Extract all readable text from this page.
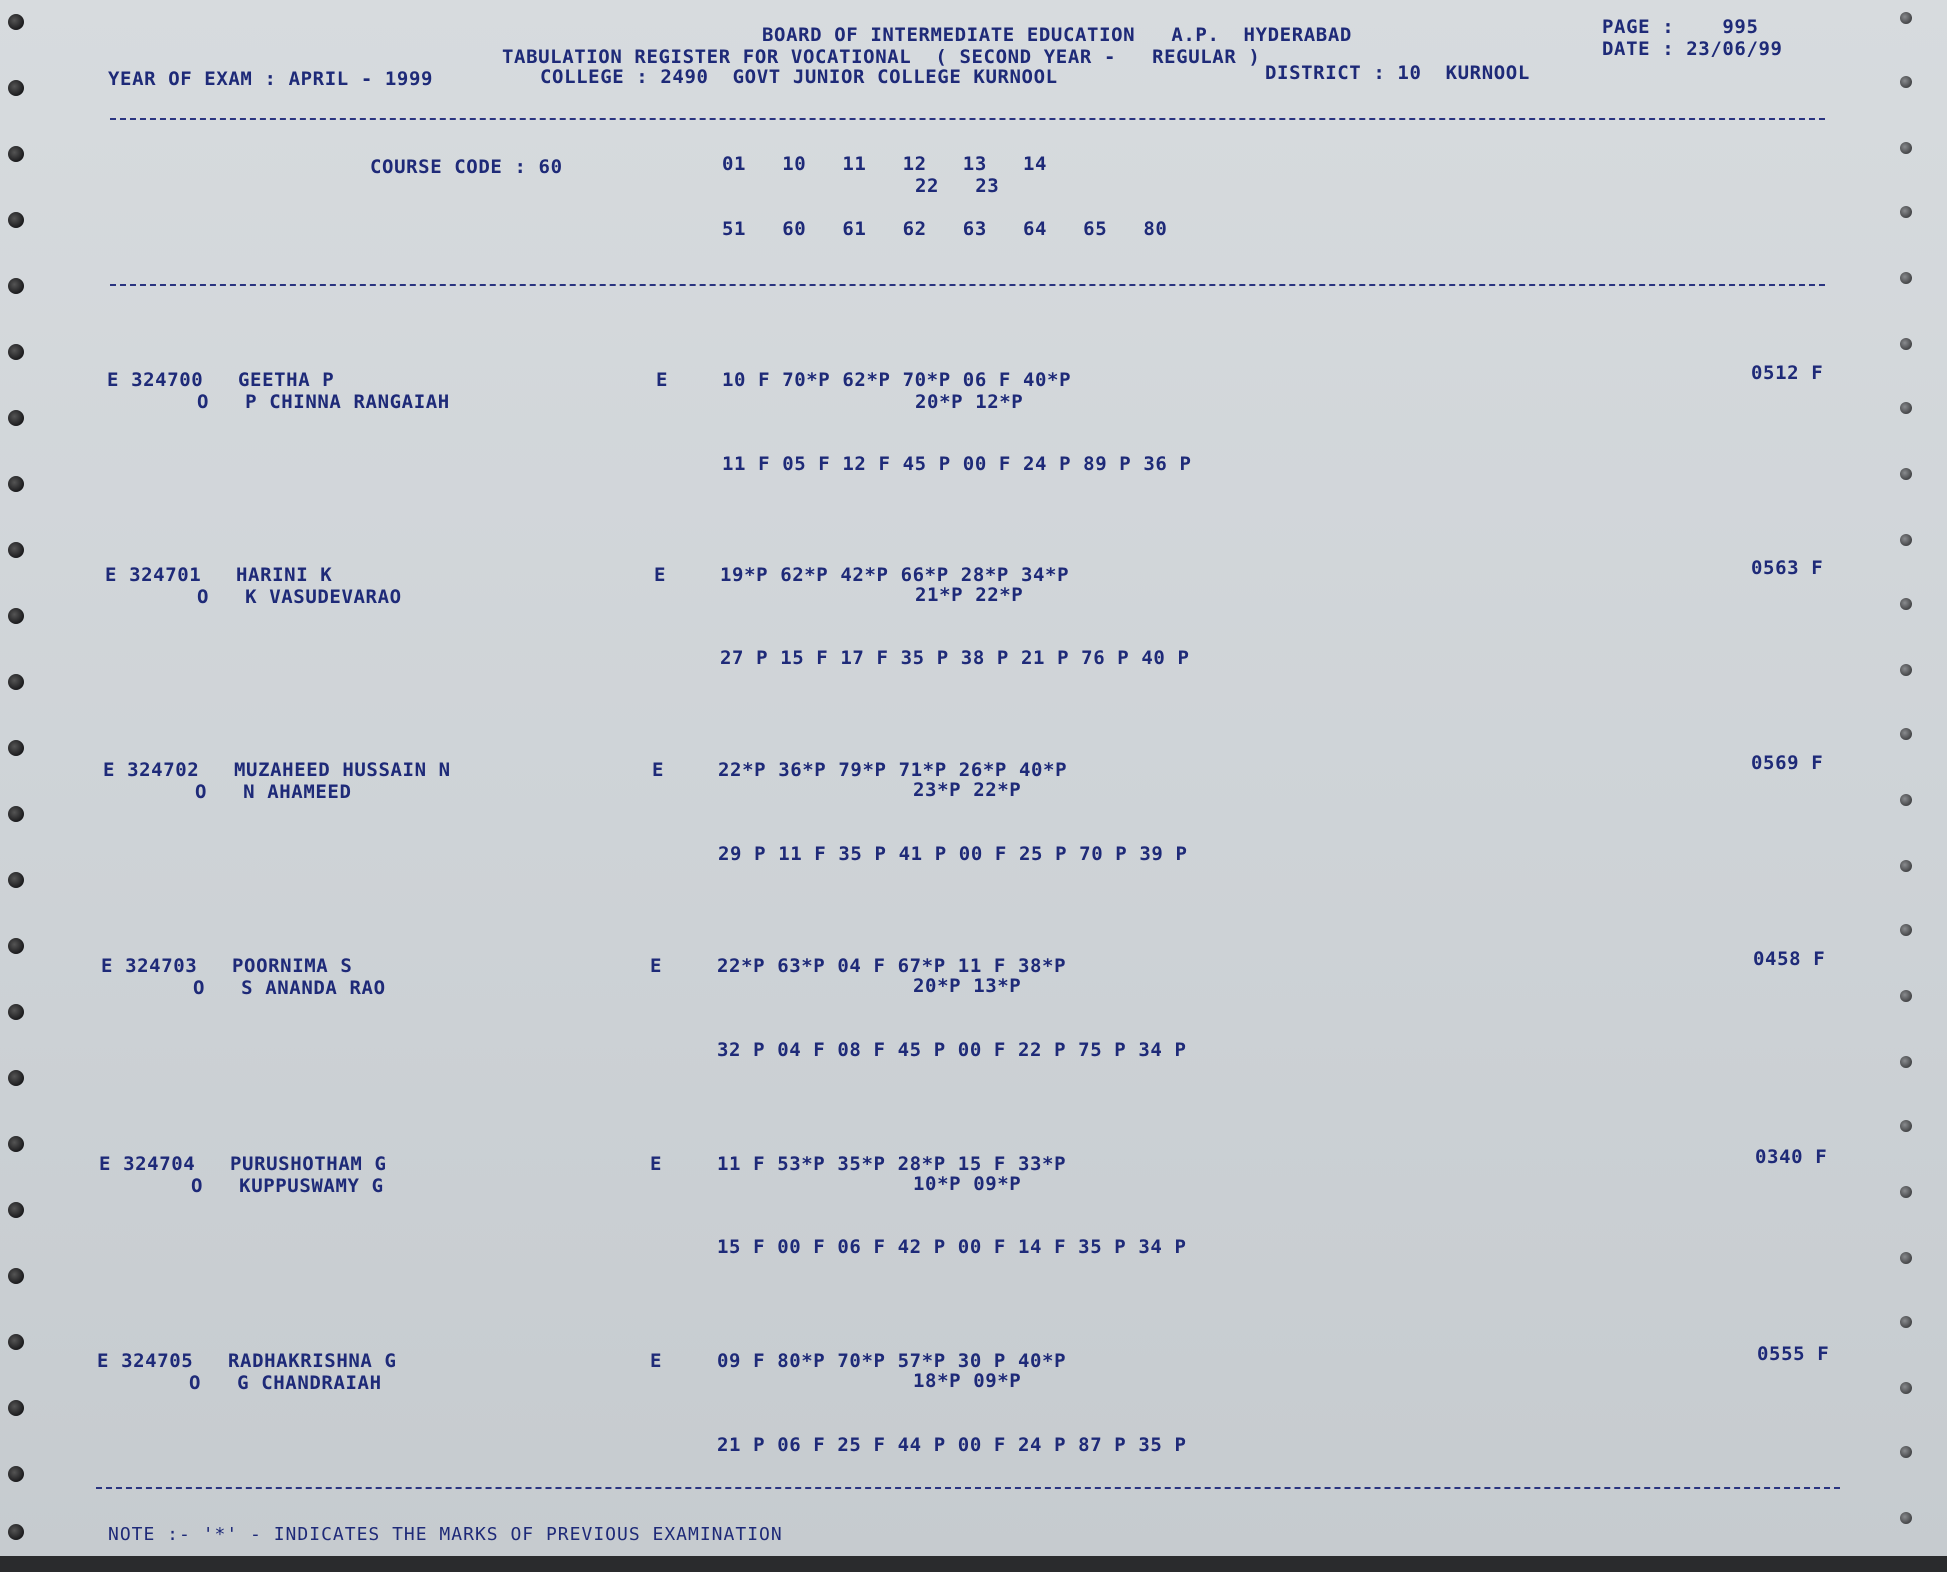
BOARD OF INTERMEDIATE EDUCATION   A.P.  HYDERABAD
TABULATION REGISTER FOR VOCATIONAL  ( SECOND YEAR -   REGULAR )
YEAR OF EXAM : APRIL - 1999	COLLEGE : 2490  GOVT JUNIOR COLLEGE KURNOOL	DISTRICT : 10  KURNOOL
PAGE :    995
DATE : 23/06/99
COURSE CODE : 60	01   10   11   12   13   14
22   23
51   60   61   62   63   64   65   80
E 324700 GEETHA P
O   P CHINNA RANGAIAH
E	10 F 70*P 62*P 70*P 06 F 40*P
20*P 12*P
11 F 05 F 12 F 45 P 00 F 24 P 89 P 36 P
0512 F
E 324701 HARINI K
O   K VASUDEVARAO
E	19*P 62*P 42*P 66*P 28*P 34*P
21*P 22*P
27 P 15 F 17 F 35 P 38 P 21 P 76 P 40 P
0563 F
E 324702 MUZAHEED HUSSAIN N
O   N AHAMEED
E	22*P 36*P 79*P 71*P 26*P 40*P
23*P 22*P
29 P 11 F 35 P 41 P 00 F 25 P 70 P 39 P
0569 F
E 324703 POORNIMA S
O   S ANANDA RAO
E	22*P 63*P 04 F 67*P 11 F 38*P
20*P 13*P
32 P 04 F 08 F 45 P 00 F 22 P 75 P 34 P
0458 F
E 324704 PURUSHOTHAM G
O   KUPPUSWAMY G
E	11 F 53*P 35*P 28*P 15 F 33*P
10*P 09*P
15 F 00 F 06 F 42 P 00 F 14 F 35 P 34 P
0340 F
E 324705 RADHAKRISHNA G
O   G CHANDRAIAH
E	09 F 80*P 70*P 57*P 30 P 40*P
18*P 09*P
21 P 06 F 25 F 44 P 00 F 24 P 87 P 35 P
0555 F
NOTE :- '*' - INDICATES THE MARKS OF PREVIOUS EXAMINATION
